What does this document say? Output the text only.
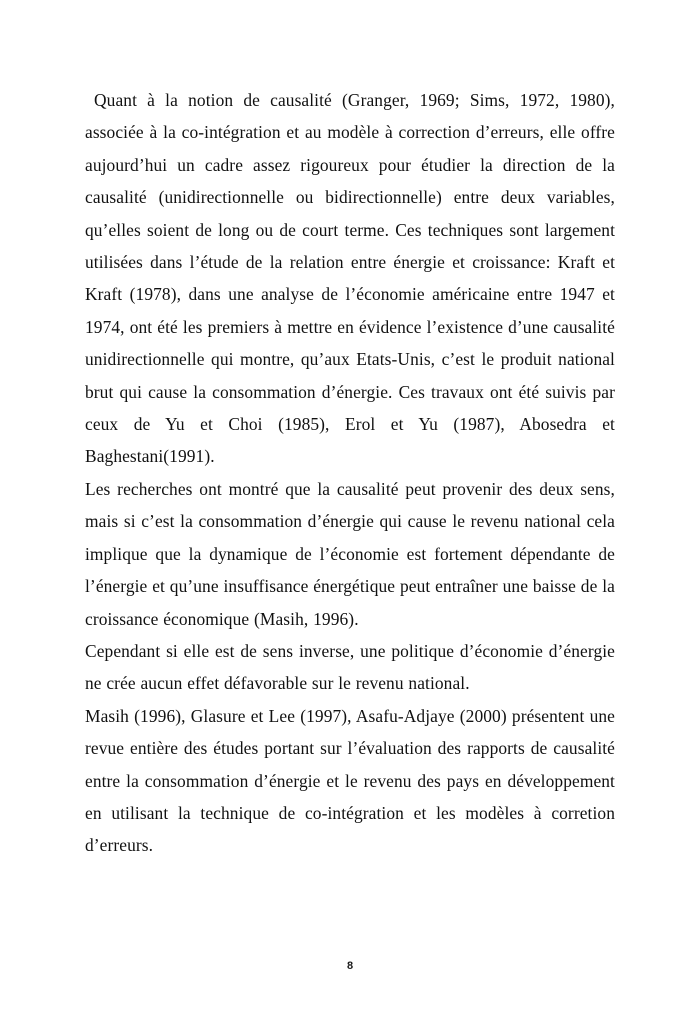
Quant à la notion de causalité (Granger, 1969; Sims, 1972, 1980), associée à la co-intégration et au modèle à correction d’erreurs, elle offre aujourd’hui un cadre assez rigoureux pour étudier la direction de la causalité (unidirectionnelle ou bidirectionnelle) entre deux variables, qu’elles soient de long ou de court terme. Ces techniques sont largement utilisées dans l’étude de la relation entre énergie et croissance: Kraft et Kraft (1978), dans une analyse de l’économie américaine entre 1947 et 1974, ont été les premiers à mettre en évidence l’existence d’une causalité unidirectionnelle qui montre, qu’aux Etats-Unis, c’est le produit national brut qui cause la consommation d’énergie. Ces travaux ont été suivis par ceux de Yu et Choi (1985), Erol et Yu (1987), Abosedra et Baghestani(1991).

Les recherches ont montré que la causalité peut provenir des deux sens, mais si c’est la consommation d’énergie qui cause le revenu national cela implique que la dynamique de l’économie est fortement dépendante de l’énergie et qu’une insuffisance énergétique peut entraîner une baisse de la croissance économique (Masih, 1996).

Cependant si elle est de sens inverse, une politique d’économie d’énergie ne crée aucun effet défavorable sur le revenu national.

Masih (1996), Glasure et Lee (1997), Asafu-Adjaye (2000) présentent une revue entière des études portant sur l’évaluation des rapports de causalité entre la consommation d’énergie et le revenu des pays en développement en utilisant la technique de co-intégration et les modèles à corretion d’erreurs.

8
